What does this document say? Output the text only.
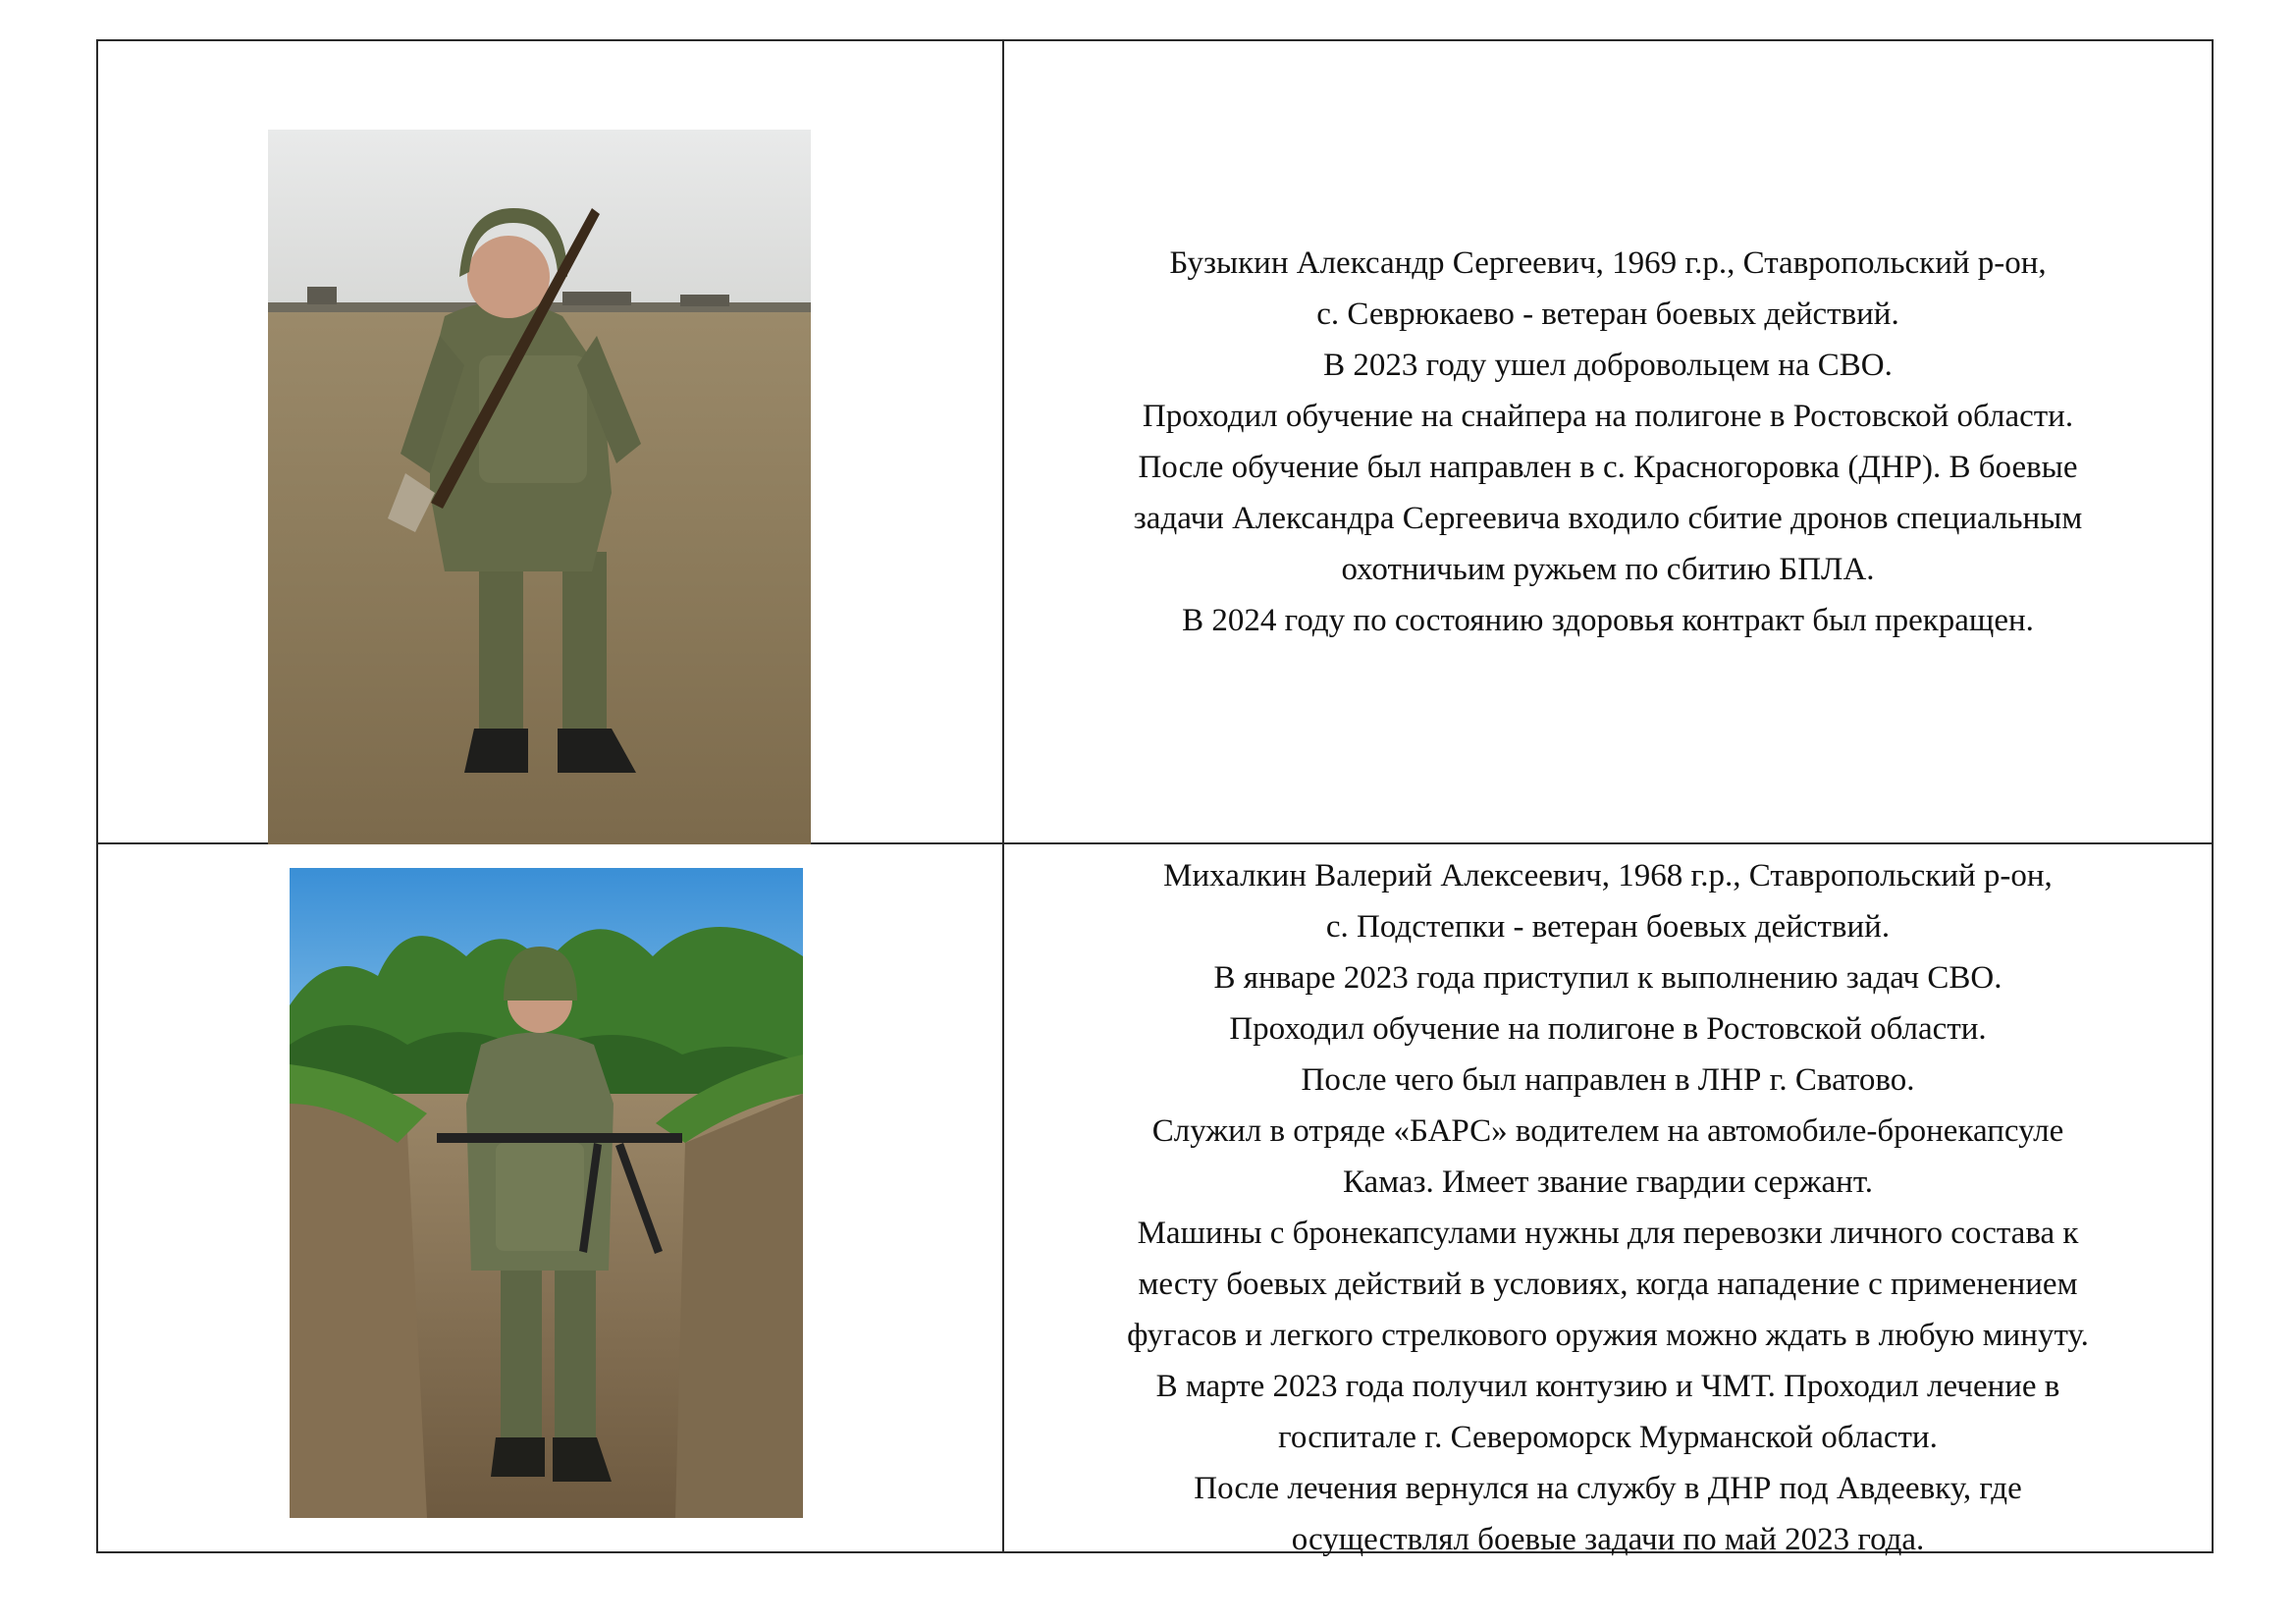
Бузыкин Александр Сергеевич, 1969 г.р., Ставропольский р-он,
с. Севрюкаево - ветеран боевых действий.
В 2023 году ушел добровольцем на СВО.
Проходил обучение на снайпера на полигоне в Ростовской области.
После обучение был направлен в с. Красногоровка (ДНР). В боевые
задачи Александра Сергеевича входило сбитие дронов специальным
охотничьим ружьем по сбитию БПЛА.
В 2024 году по состоянию здоровья контракт был прекращен.
Михалкин Валерий Алексеевич, 1968 г.р., Ставропольский р-он,
с. Подстепки - ветеран боевых действий.
В январе 2023 года приступил к выполнению задач СВО.
Проходил обучение на полигоне в Ростовской области.
После чего был направлен в ЛНР г. Сватово.
Служил в отряде «БАРС» водителем на автомобиле-бронекапсуле
Камаз. Имеет звание гвардии сержант.
Машины с бронекапсулами нужны для перевозки личного состава к
месту боевых действий в условиях, когда нападение с применением
фугасов и легкого стрелкового оружия можно ждать в любую минуту.
В марте 2023 года получил контузию и ЧМТ. Проходил лечение в
госпитале г. Североморск Мурманской области.
После лечения вернулся на службу в ДНР под Авдеевку, где
осуществлял боевые задачи по май 2023 года.
